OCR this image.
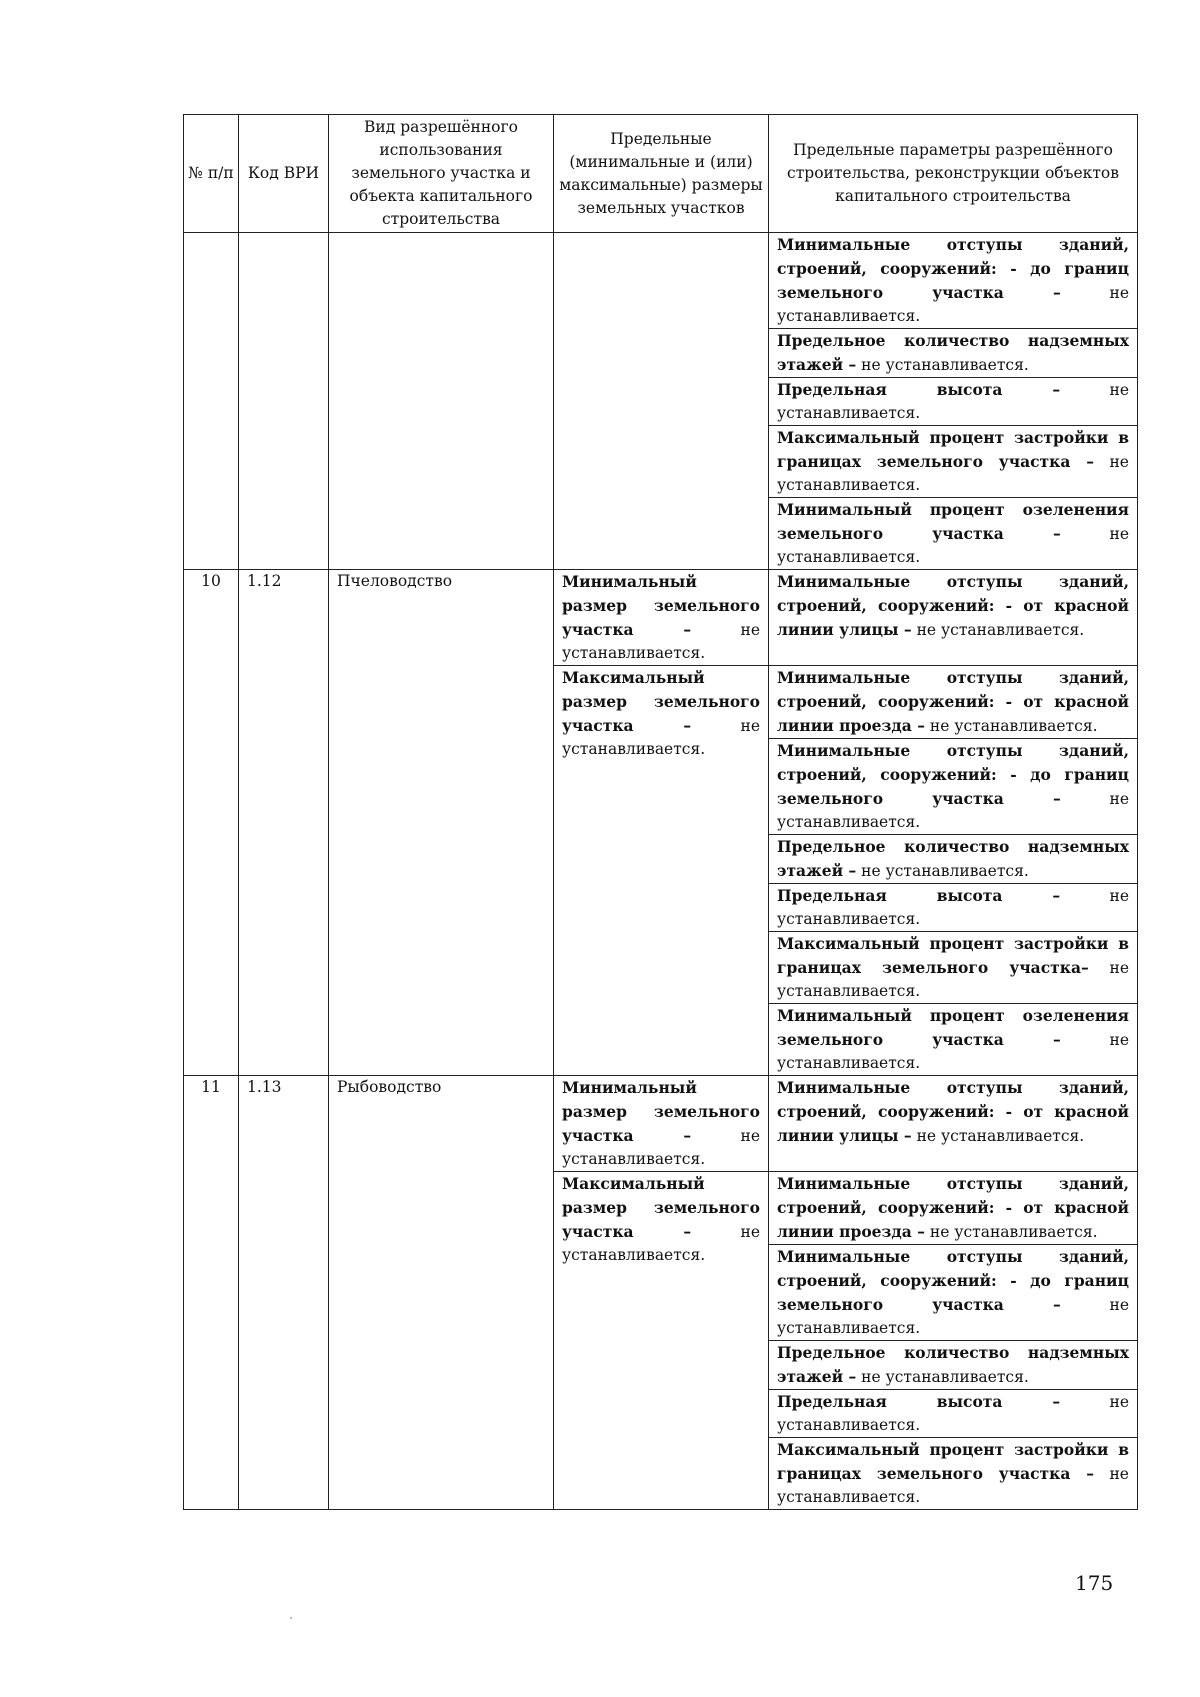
№ п/п	Код ВРИ	Вид разрешённого использования земельного участка и объекта капитального строительства	Предельные (минимальные и (или) максимальные) размеры земельных участков	Предельные параметры разрешённого строительства, реконструкции объектов капитального строительства
				Минимальные отступы зданий, строений, сооружений: - до границ земельного участка – не устанавливается.
				Предельное количество надземных этажей – не устанавливается.
				Предельная высота – не устанавливается.
				Максимальный процент застройки в границах земельного участка – не устанавливается.
				Минимальный процент озеленения земельного участка – не устанавливается.
10	1.12	Пчеловодство	Минимальный размер земельного участка – не устанавливается.	Минимальные отступы зданий, строений, сооружений: - от красной линии улицы – не устанавливается.
			Максимальный размер земельного участка – не устанавливается.	Минимальные отступы зданий, строений, сооружений: - от красной линии проезда – не устанавливается.
				Минимальные отступы зданий, строений, сооружений: - до границ земельного участка – не устанавливается.
				Предельное количество надземных этажей – не устанавливается.
				Предельная высота – не устанавливается.
				Максимальный процент застройки в границах земельного участка– не устанавливается.
				Минимальный процент озеленения земельного участка – не устанавливается.
11	1.13	Рыбоводство	Минимальный размер земельного участка – не устанавливается.	Минимальные отступы зданий, строений, сооружений: - от красной линии улицы – не устанавливается.
			Максимальный размер земельного участка – не устанавливается.	Минимальные отступы зданий, строений, сооружений: - от красной линии проезда – не устанавливается.
				Минимальные отступы зданий, строений, сооружений: - до границ земельного участка – не устанавливается.
				Предельное количество надземных этажей – не устанавливается.
				Предельная высота – не устанавливается.
				Максимальный процент застройки в границах земельного участка – не устанавливается.
175
